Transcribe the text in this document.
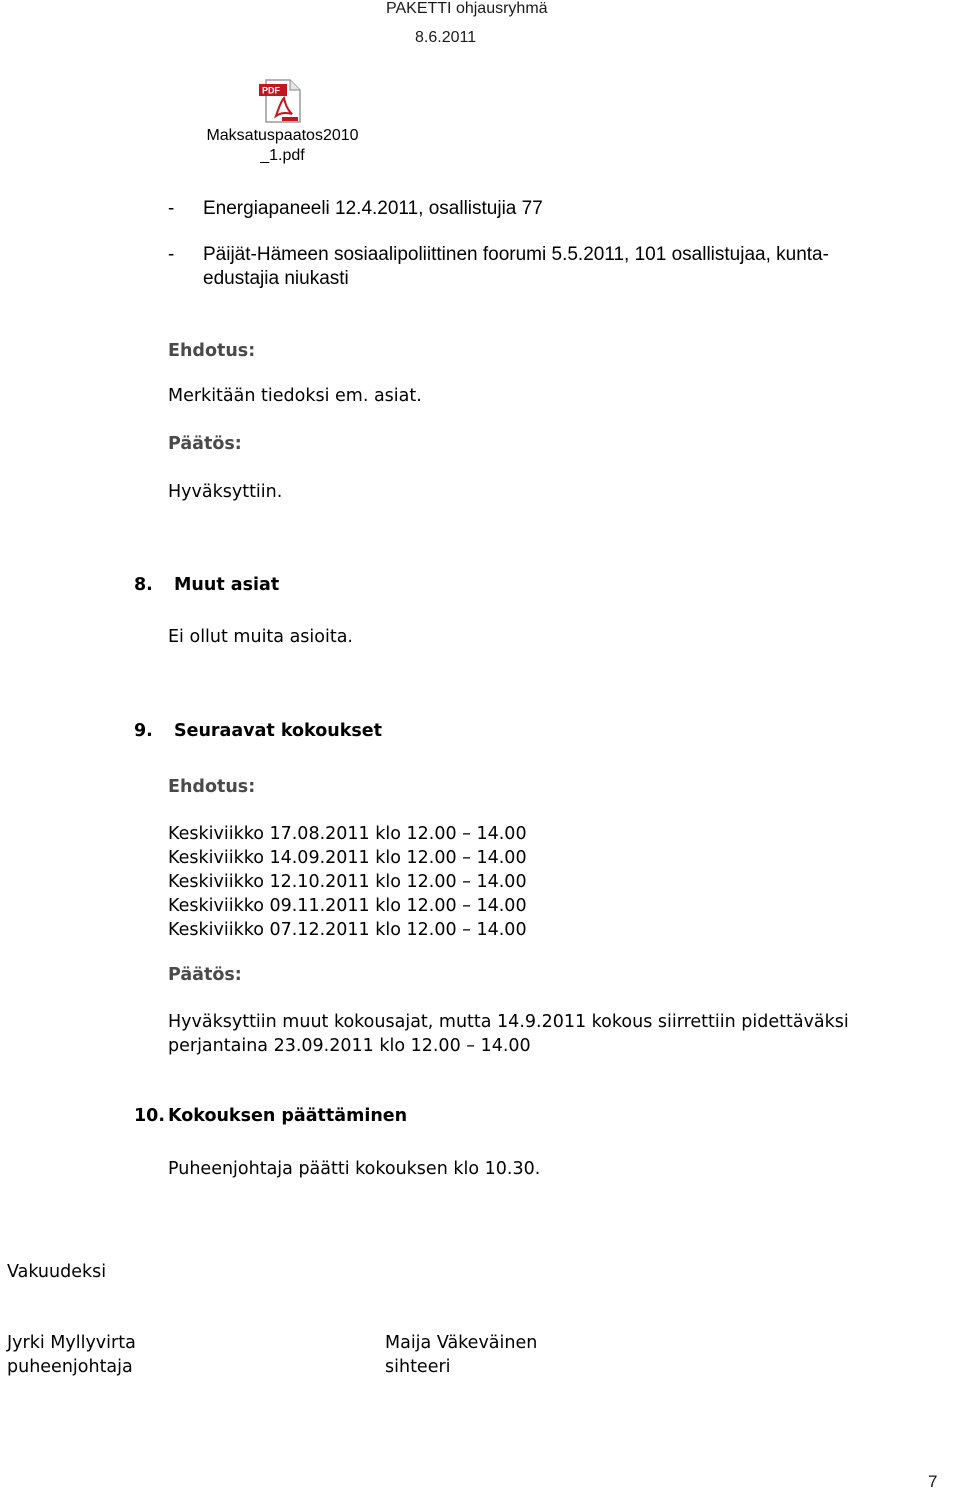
PAKETTI ohjausryhmä
8.6.2011
PDF
Maksatuspaatos2010
_1.pdf
- Energiapaneeli 12.4.2011, osallistujia 77
- Päijät-Hämeen sosiaalipoliittinen foorumi 5.5.2011, 101 osallistujaa, kunta-
edustajia niukasti
Ehdotus:
Merkitään tiedoksi em. asiat.
Päätös:
Hyväksyttiin.
8. Muut asiat
Ei ollut muita asioita.
9. Seuraavat kokoukset
Ehdotus:
Keskiviikko 17.08.2011 klo 12.00 – 14.00
Keskiviikko 14.09.2011 klo 12.00 – 14.00
Keskiviikko 12.10.2011 klo 12.00 – 14.00
Keskiviikko 09.11.2011 klo 12.00 – 14.00
Keskiviikko 07.12.2011 klo 12.00 – 14.00
Päätös:
Hyväksyttiin muut kokousajat, mutta 14.9.2011 kokous siirrettiin pidettäväksi
perjantaina 23.09.2011 klo 12.00 – 14.00
10. Kokouksen päättäminen
Puheenjohtaja päätti kokouksen klo 10.30.
Vakuudeksi
Jyrki Myllyvirta
puheenjohtaja
Maija Väkeväinen
sihteeri
7
